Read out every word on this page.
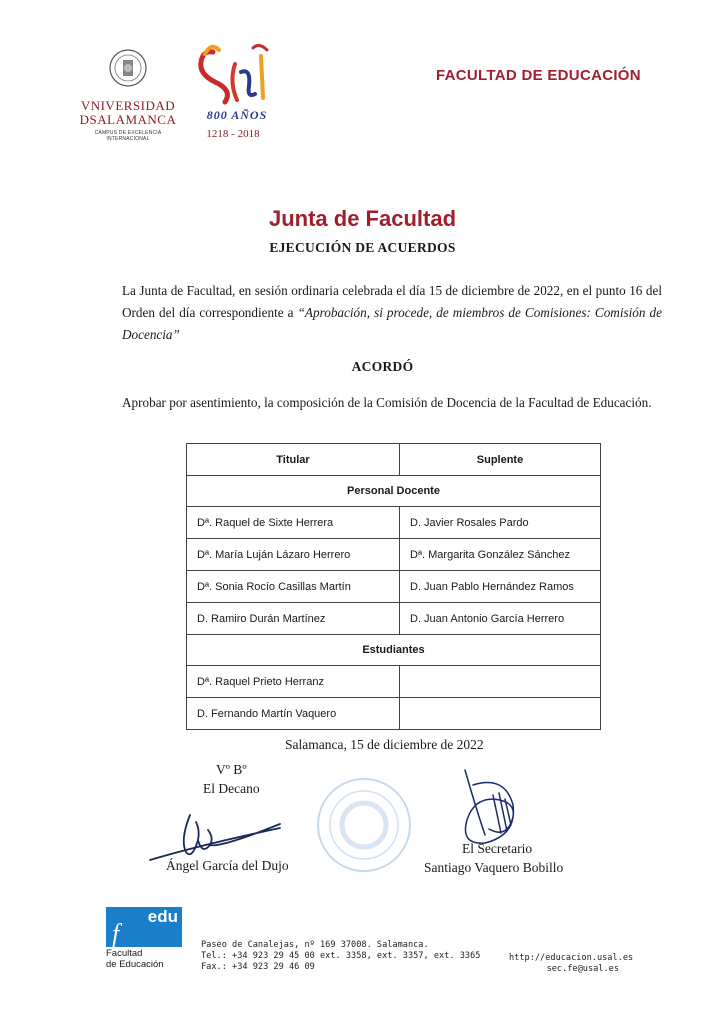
VNIVERSIDAD
DSALAMANCA
CAMPUS DE EXCELENCIA INTERNACIONAL
800 AÑOS
1218 - 2018
FACULTAD DE EDUCACIÓN
Junta de Facultad
EJECUCIÓN DE ACUERDOS
La Junta de Facultad, en sesión ordinaria celebrada el día 15 de diciembre de 2022, en el punto 16 del Orden del día correspondiente a “Aprobación, si procede, de miembros de Comisiones: Comisión de Docencia”
ACORDÓ
Aprobar por asentimiento, la composición de la Comisión de Docencia de la Facultad de Educación.
Titular	Suplente
Personal Docente	
Dª. Raquel de Sixte Herrera	D. Javier Rosales Pardo
Dª. María Luján Lázaro Herrero	Dª. Margarita González Sánchez
Dª. Sonia Rocío Casillas Martín	D. Juan Pablo Hernández Ramos
D. Ramiro Durán Martínez	D. Juan Antonio García Herrero
Estudiantes	
Dª. Raquel Prieto Herranz	
D. Fernando Martín Vaquero	
Salamanca, 15 de diciembre de 2022
Vº Bº
El Decano
Ángel García del Dujo
El Secretario
Santiago Vaquero Bobillo
edu
f
Facultad
de Educación
Paseo de Canalejas, nº 169 37008. Salamanca.
Tel.: +34 923 29 45 00 ext. 3358, ext. 3357, ext. 3365
Fax.: +34 923 29 46 09
http://educacion.usal.es
sec.fe@usal.es
